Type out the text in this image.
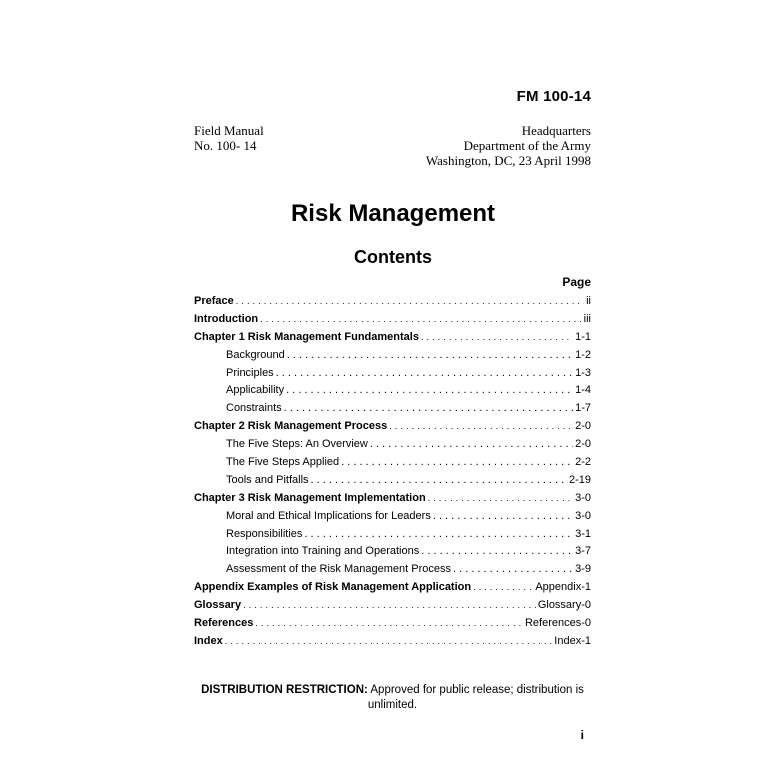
FM 100-14
Field Manual
No. 100- 14
Headquarters
Department of the Army
Washington, DC, 23 April 1998
Risk Management
Contents
Page
Preface . . .	ii
Introduction . . .	iii
Chapter 1 Risk Management Fundamentals . . .	1-1
Background . . .	1-2
Principles . . .	1-3
Applicability . . .	1-4
Constraints . . .	1-7
Chapter 2 Risk Management Process . . .	2-0
The Five Steps: An Overview . . .	2-0
The Five Steps Applied . . .	2-2
Tools and Pitfalls . . .	2-19
Chapter 3 Risk Management Implementation . . .	3-0
Moral and Ethical Implications for Leaders . . .	3-0
Responsibilities . . .	3-1
Integration into Training and Operations . . .	3-7
Assessment of the Risk Management Process . . .	3-9
Appendix Examples of Risk Management Application . . .	Appendix-1
Glossary . . .	Glossary-0
References . . .	References-0
Index . . .	Index-1
DISTRIBUTION RESTRICTION: Approved for public release; distribution is unlimited.
i
